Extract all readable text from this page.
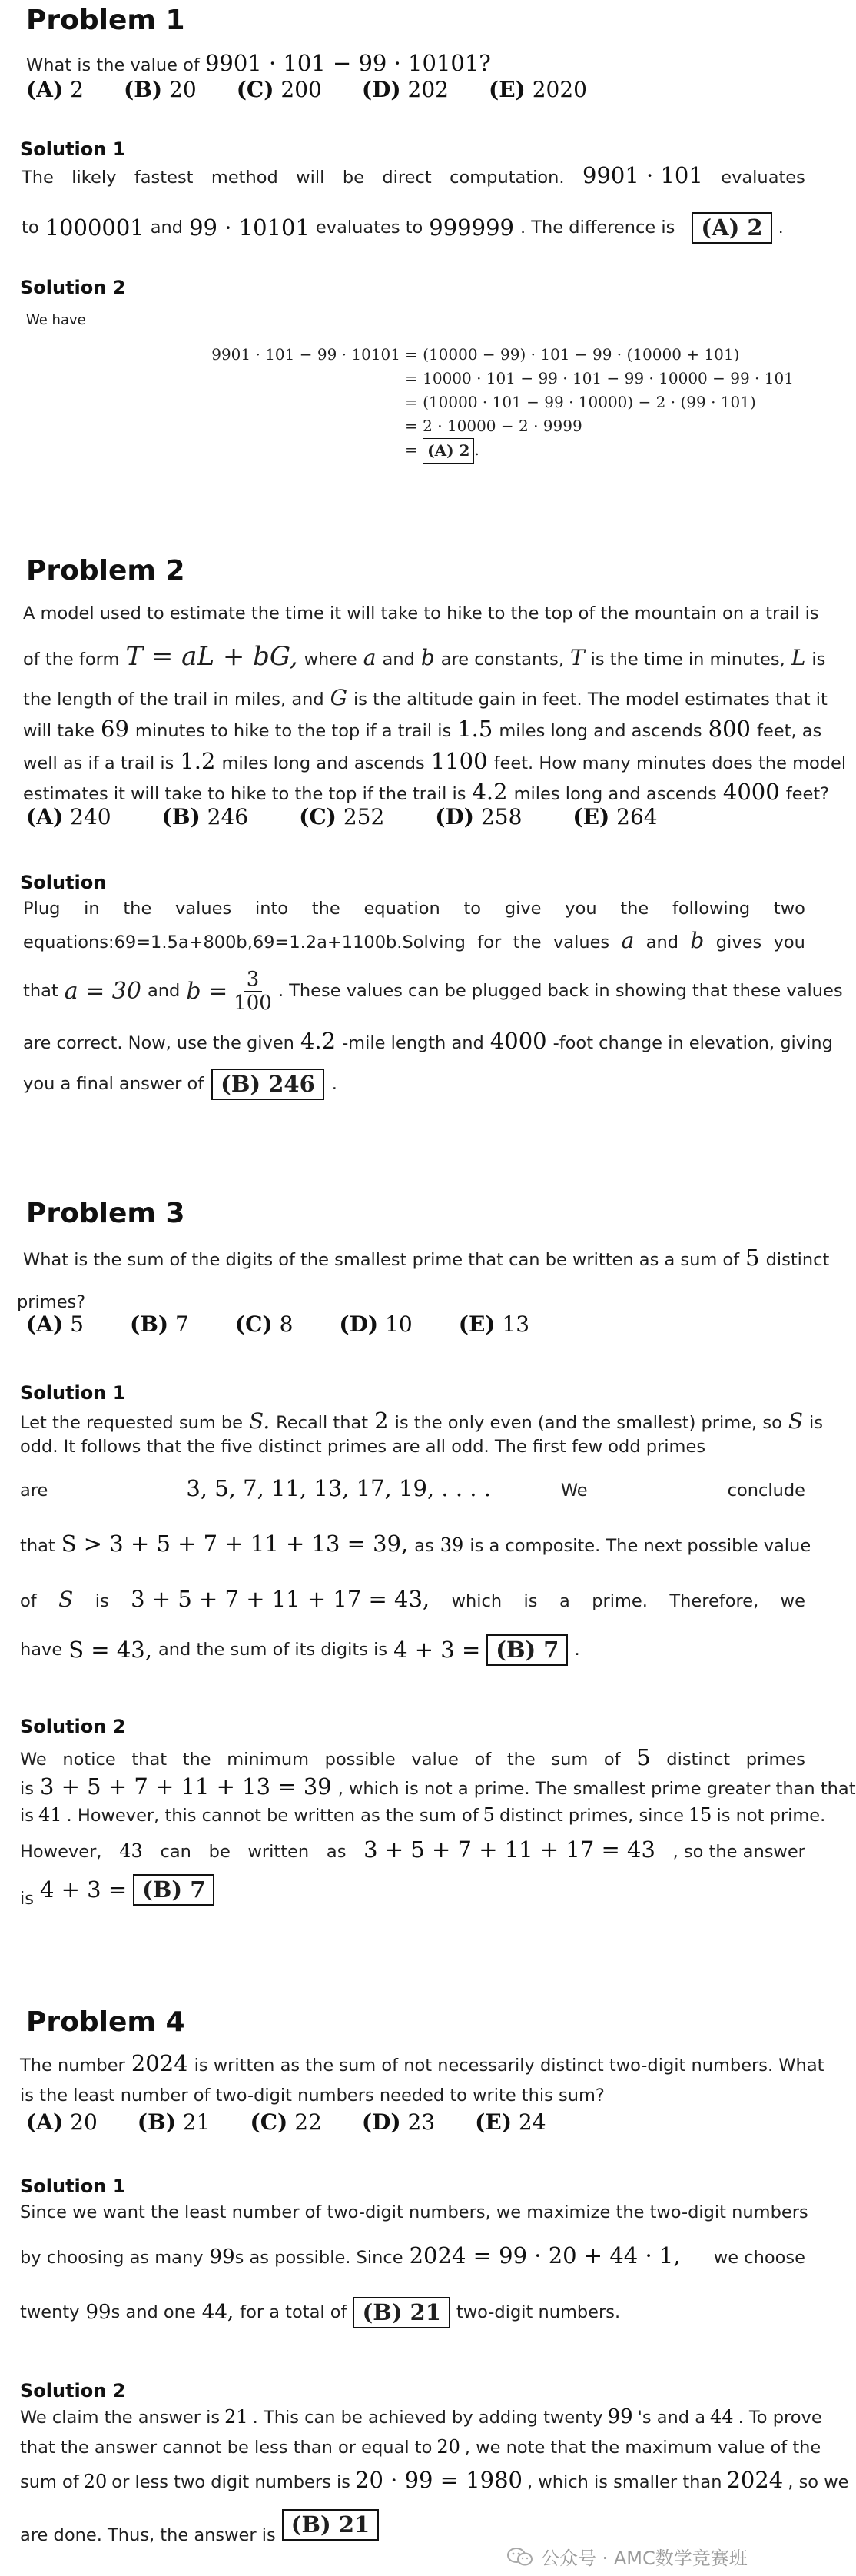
Problem 1
What is the value of 9901 · 101 − 99 · 10101?
(A) 2 (B) 20 (C) 200 (D) 202 (E) 2020
Solution 1
The likely fastest method will be direct computation. 9901 · 101 evaluates
to 1000001 and 99 · 10101 evaluates to 999999 . The difference is	(A) 2 .
Solution 2
We have
9901 · 101 − 99 · 10101 = (10000 − 99) · 101 − 99 · (10000 + 101)
= 10000 · 101 − 99 · 101 − 99 · 10000 − 99 · 101
= (10000 · 101 − 99 · 10000) − 2 · (99 · 101)
= 2 · 10000 − 2 · 9999
=
(A) 2 .
Problem 2
A model used to estimate the time it will take to hike to the top of the mountain on a trail is
of the form T = aL + bG, where a and b are constants, T is the time in minutes, L is
the length of the trail in miles, and G is the altitude gain in feet. The model estimates that it
will take 69 minutes to hike to the top if a trail is 1.5 miles long and ascends 800 feet, as
well as if a trail is 1.2 miles long and ascends 1100 feet. How many minutes does the model
estimates it will take to hike to the top if the trail is 4.2 miles long and ascends 4000 feet?
(A) 240 (B) 246 (C) 252 (D) 258 (E) 264
Solution
Plug in the values into the equation to give you the following two
equations:69=1.5a+800b,69=1.2a+1100b.Solving for the values a and b gives you
that a = 30 and $b = \frac{3}{100}$ . These values can be plugged back in showing that these values
are correct. Now, use the given 4.2 -mile length and 4000 -foot change in elevation, giving
you a final answer of (B) 246 .
Problem 3
What is the sum of the digits of the smallest prime that can be written as a sum of 5 distinct
primes?
(A) 5 (B) 7 (C) 8 (D) 10 (E) 13
Solution 1
Let the requested sum be S. Recall that 2 is the only even (and the smallest) prime, so S is
odd. It follows that the five distinct primes are all odd. The first few odd primes
are	3, 5, 7, 11, 13, 17, 19, . . . .	We	conclude
that S > 3 + 5 + 7 + 11 + 13 = 39, as 39 is a composite. The next possible value
of S is 3 + 5 + 7 + 11 + 17 = 43, which is a prime. Therefore, we
have S = 43, and the sum of its digits is 4 + 3 = (B) 7 .
Solution 2
We notice that the minimum possible value of the sum of 5 distinct primes
is 3 + 5 + 7 + 11 + 13 = 39 , which is not a prime. The smallest prime greater than that
is 41 . However, this cannot be written as the sum of 5 distinct primes, since 15 is not prime.
However, 43 can be written as 3 + 5 + 7 + 11 + 17 = 43 , so the answer
is 4 + 3 = (B) 7
Problem 4
The number 2024 is written as the sum of not necessarily distinct two-digit numbers. What
is the least number of two-digit numbers needed to write this sum?
(A) 20 (B) 21 (C) 22 (D) 23 (E) 24
Solution 1
Since we want the least number of two-digit numbers, we maximize the two-digit numbers
by choosing as many 99 s as possible. Since 2024 = 99 · 20 + 44 · 1, we choose
twenty 99 s and one 44, for a total of (B) 21 two-digit numbers.
Solution 2
We claim the answer is 21 . This can be achieved by adding twenty 99 's and a 44 . To prove
that the answer cannot be less than or equal to 20 , we note that the maximum value of the
sum of 20 or less two digit numbers is 20 · 99 = 1980 , which is smaller than 2024 , so we
are done. Thus, the answer is (B) 21
公众号 · AMC数学竞赛班
